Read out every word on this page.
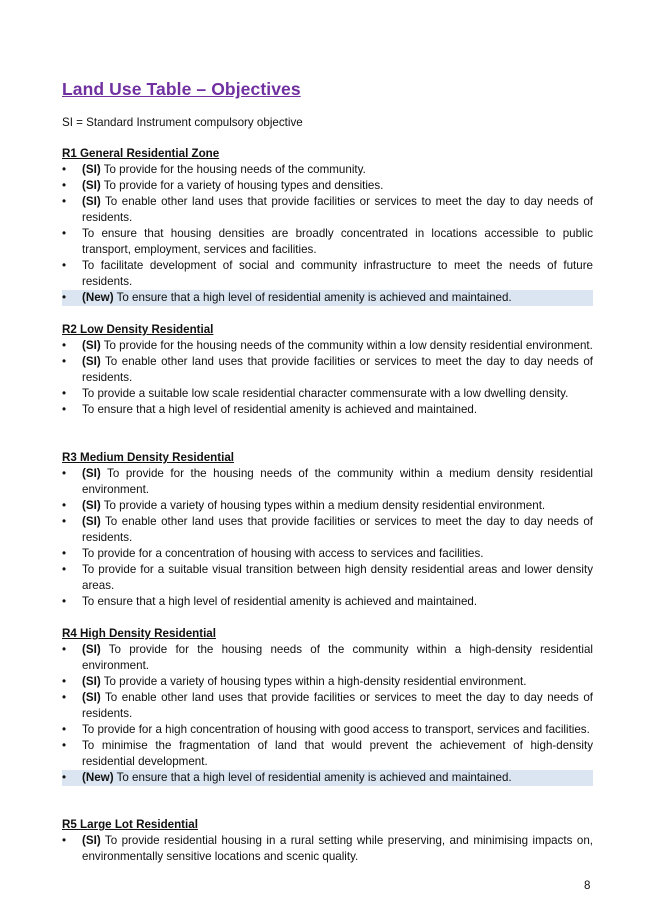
Land Use Table – Objectives

SI = Standard Instrument compulsory objective

R1 General Residential Zone
• (SI) To provide for the housing needs of the community.
• (SI) To provide for a variety of housing types and densities.
• (SI) To enable other land uses that provide facilities or services to meet the day to day needs of residents.
• To ensure that housing densities are broadly concentrated in locations accessible to public transport, employment, services and facilities.
• To facilitate development of social and community infrastructure to meet the needs of future residents.
• (New) To ensure that a high level of residential amenity is achieved and maintained.
R2 Low Density Residential
• (SI) To provide for the housing needs of the community within a low density residential environment.
• (SI) To enable other land uses that provide facilities or services to meet the day to day needs of residents.
• To provide a suitable low scale residential character commensurate with a low dwelling density.
• To ensure that a high level of residential amenity is achieved and maintained.
R3 Medium Density Residential
• (SI) To provide for the housing needs of the community within a medium density residential environment.
• (SI) To provide a variety of housing types within a medium density residential environment.
• (SI) To enable other land uses that provide facilities or services to meet the day to day needs of residents.
• To provide for a concentration of housing with access to services and facilities.
• To provide for a suitable visual transition between high density residential areas and lower density areas.
• To ensure that a high level of residential amenity is achieved and maintained.
R4 High Density Residential
• (SI) To provide for the housing needs of the community within a high-density residential environment.
• (SI) To provide a variety of housing types within a high-density residential environment.
• (SI) To enable other land uses that provide facilities or services to meet the day to day needs of residents.
• To provide for a high concentration of housing with good access to transport, services and facilities.
• To minimise the fragmentation of land that would prevent the achievement of high-density residential development.
• (New) To ensure that a high level of residential amenity is achieved and maintained.
R5 Large Lot Residential
• (SI) To provide residential housing in a rural setting while preserving, and minimising impacts on, environmentally sensitive locations and scenic quality.

8
